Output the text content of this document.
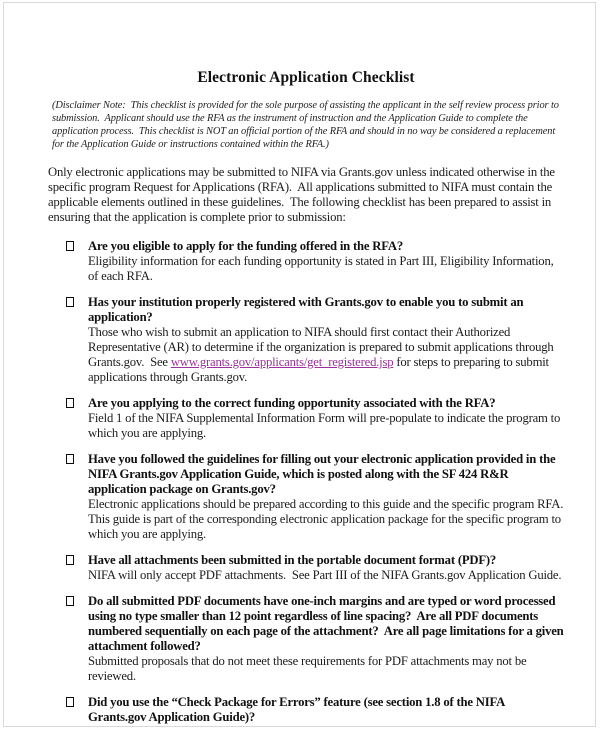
Electronic Application Checklist
(Disclaimer Note:  This checklist is provided for the sole purpose of assisting the applicant in the self review process prior to submission.  Applicant should use the RFA as the instrument of instruction and the Application Guide to complete the application process.  This checklist is NOT an official portion of the RFA and should in no way be considered a replacement for the Application Guide or instructions contained within the RFA.)
Only electronic applications may be submitted to NIFA via Grants.gov unless indicated otherwise in the specific program Request for Applications (RFA).  All applications submitted to NIFA must contain the applicable elements outlined in these guidelines.  The following checklist has been prepared to assist in ensuring that the application is complete prior to submission:
Are you eligible to apply for the funding offered in the RFA?
Eligibility information for each funding opportunity is stated in Part III, Eligibility Information, of each RFA.
Has your institution properly registered with Grants.gov to enable you to submit an application?
Those who wish to submit an application to NIFA should first contact their Authorized Representative (AR) to determine if the organization is prepared to submit applications through Grants.gov.  See www.grants.gov/applicants/get_registered.jsp for steps to preparing to submit applications through Grants.gov.
Are you applying to the correct funding opportunity associated with the RFA?
Field 1 of the NIFA Supplemental Information Form will pre-populate to indicate the program to which you are applying.
Have you followed the guidelines for filling out your electronic application provided in the NIFA Grants.gov Application Guide, which is posted along with the SF 424 R&R application package on Grants.gov?
Electronic applications should be prepared according to this guide and the specific program RFA.  This guide is part of the corresponding electronic application package for the specific program to which you are applying.
Have all attachments been submitted in the portable document format (PDF)?
NIFA will only accept PDF attachments.  See Part III of the NIFA Grants.gov Application Guide.
Do all submitted PDF documents have one-inch margins and are typed or word processed using no type smaller than 12 point regardless of line spacing?  Are all PDF documents numbered sequentially on each page of the attachment?  Are all page limitations for a given attachment followed?
Submitted proposals that do not meet these requirements for PDF attachments may not be reviewed.
Did you use the “Check Package for Errors” feature (see section 1.8 of the NIFA Grants.gov Application Guide)?
